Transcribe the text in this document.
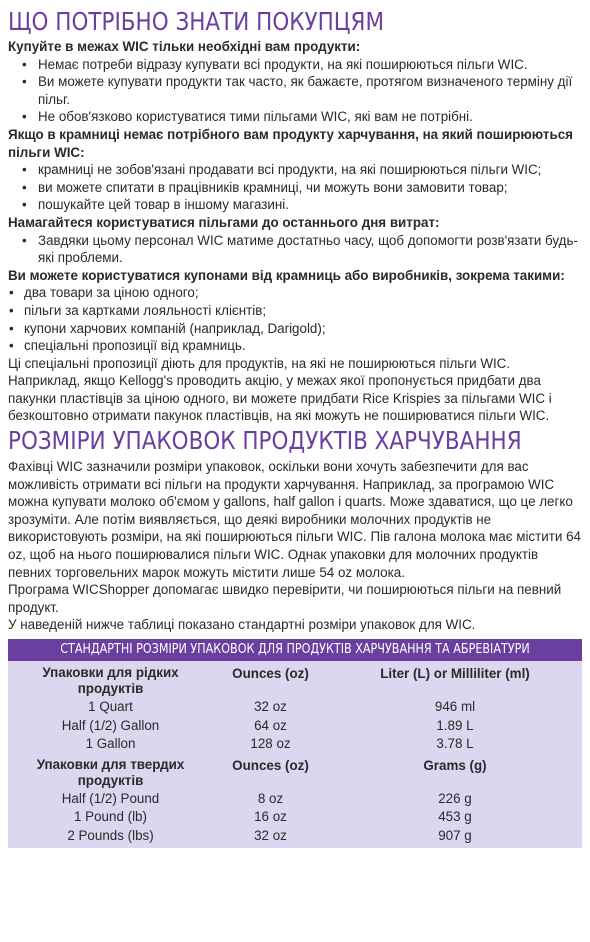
ЩО ПОТРІБНО ЗНАТИ ПОКУПЦЯМ

Купуйте в межах WIC тільки необхідні вам продукти:

• Немає потреби відразу купувати всі продукти, на які поширюються пільги WIC.
• Ви можете купувати продукти так часто, як бажаєте, протягом визначеного терміну дії пільг.
• Не обов'язково користуватися тими пільгами WIC, які вам не потрібні.

Якщо в крамниці немає потрібного вам продукту харчування, на який поширюються пільги WIC:

• крамниці не зобов'язані продавати всі продукти, на які поширюються пільги WIC;
• ви можете спитати в працівників крамниці, чи можуть вони замовити товар;
• пошукайте цей товар в іншому магазині.

Намагайтеся користуватися пільгами до останнього дня витрат:

• Завдяки цьому персонал WIC матиме достатньо часу, щоб допомогти розв'язати будь-які проблеми.

Ви можете користуватися купонами від крамниць або виробників, зокрема такими:

• два товари за ціною одного;
• пільги за картками лояльності клієнтів;
• купони харчових компаній (наприклад, Darigold);
• спеціальні пропозиції від крамниць.

Ці спеціальні пропозиції діють для продуктів, на які не поширюються пільги WIC. Наприклад, якщо Kellogg's проводить акцію, у межах якої пропонується придбати два пакунки пластівців за ціною одного, ви можете придбати Rice Krispies за пільгами WIC і безкоштовно отримати пакунок пластівців, на які можуть не поширюватися пільги WIC.

РОЗМІРИ УПАКОВОК ПРОДУКТІВ ХАРЧУВАННЯ

Фахівці WIC зазначили розміри упаковок, оскільки вони хочуть забезпечити для вас можливість отримати всі пільги на продукти харчування. Наприклад, за програмою WIC можна купувати молоко об'ємом у gallons, half gallon і quarts. Може здаватися, що це легко зрозуміти. Але потім виявляється, що деякі виробники молочних продуктів не використовують розміри, на які поширюються пільги WIC. Пів галона молока має містити 64 oz, щоб на нього поширювалися пільги WIC. Однак упаковки для молочних продуктів певних торговельних марок можуть містити лише 54 oz молока.

Програма WICShopper допомагає швидко перевірити, чи поширюються пільги на певний продукт.

У наведеній нижче таблиці показано стандартні розміри упаковок для WIC.

СТАНДАРТНІ РОЗМІРИ УПАКОВОК ДЛЯ ПРОДУКТІВ ХАРЧУВАННЯ ТА АБРЕВІАТУРИ
Упаковки для рідких продуктів	Ounces (oz)	Liter (L) or Milliliter (ml)
1 Quart	32 oz	946 ml
Half (1/2) Gallon	64 oz	1.89 L
1 Gallon	128 oz	3.78 L
Упаковки для твердих продуктів	Ounces (oz)	Grams (g)
Half (1/2) Pound	8 oz	226 g
1 Pound (lb)	16 oz	453 g
2 Pounds (lbs)	32 oz	907 g
